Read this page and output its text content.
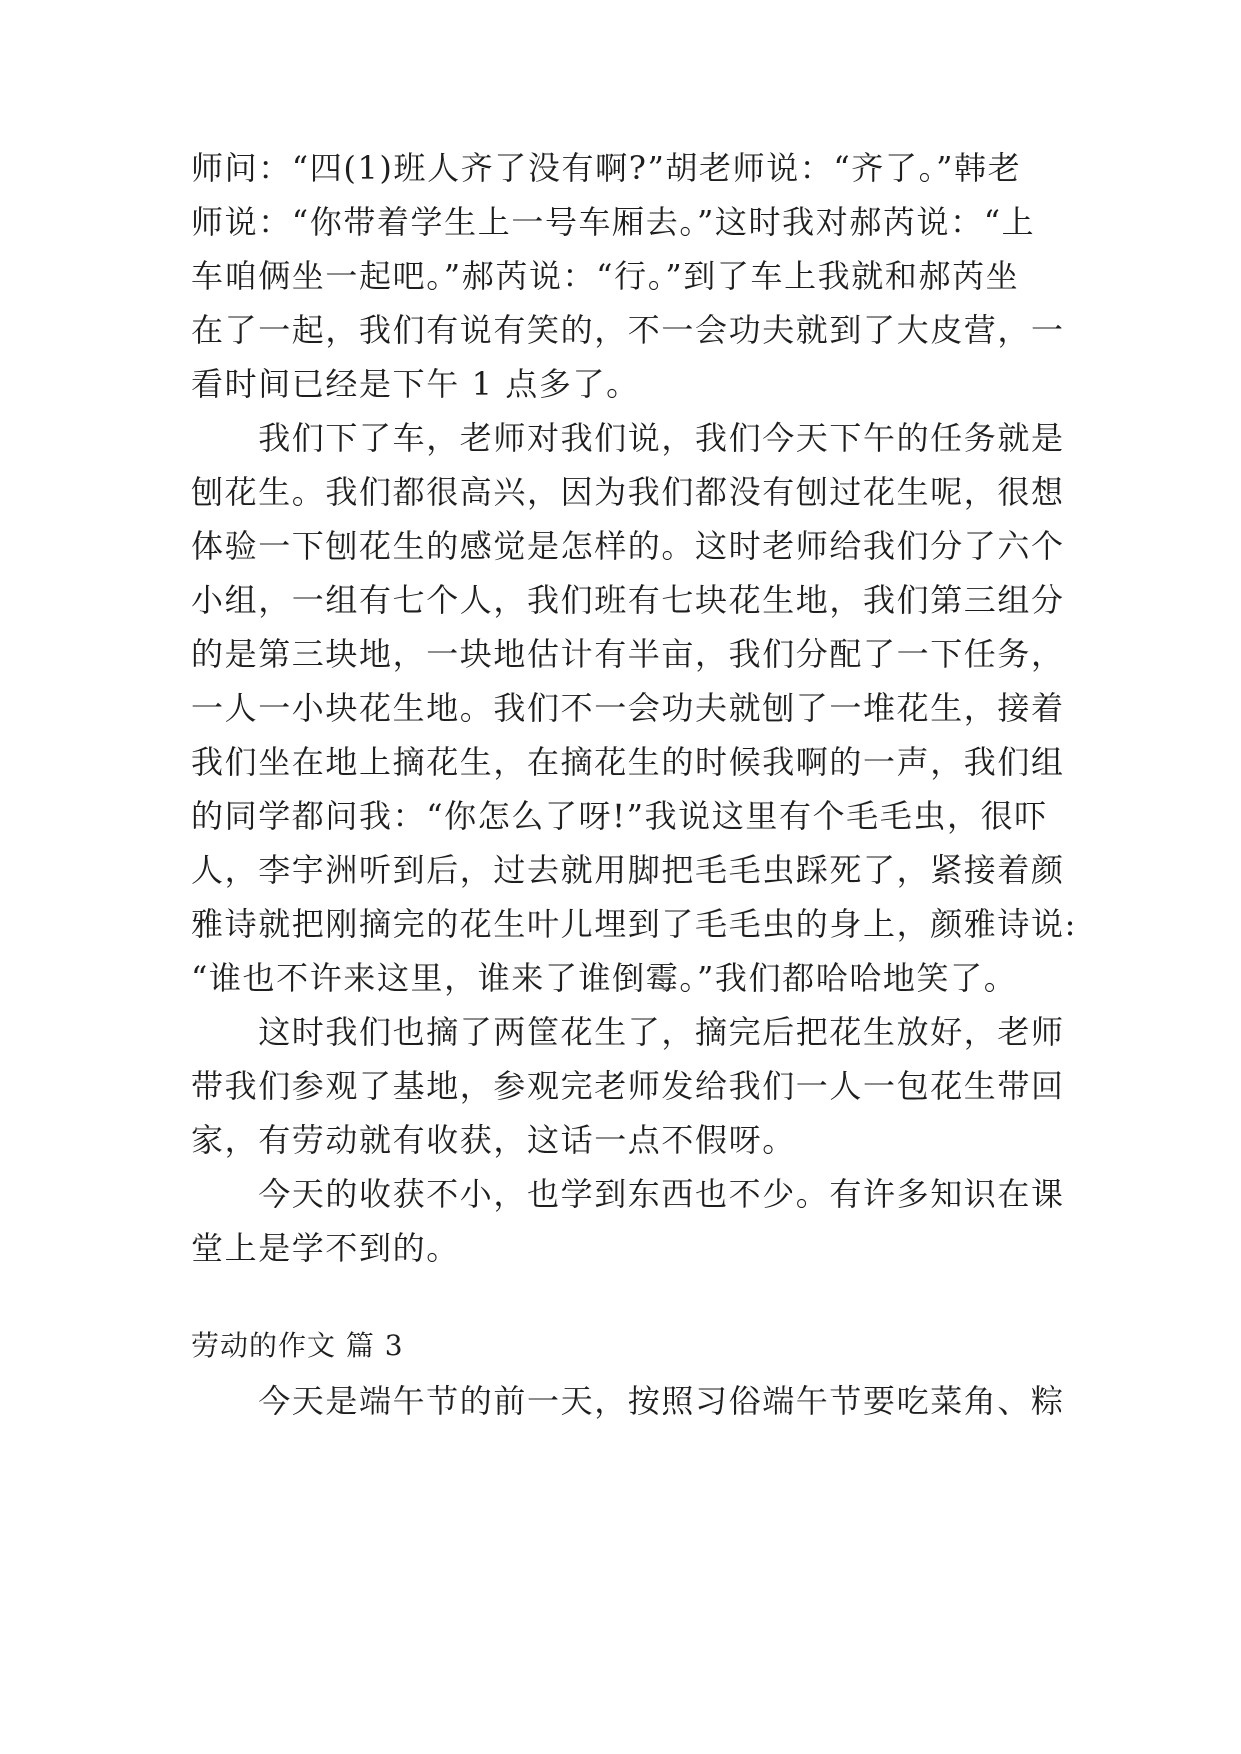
师问：“四(1)班人齐了没有啊?”胡老师说：“齐了。”韩老
师说：“你带着学生上一号车厢去。”这时我对郝芮说：“上
车咱俩坐一起吧。”郝芮说：“行。”到了车上我就和郝芮坐
在了一起，我们有说有笑的，不一会功夫就到了大皮营，一
看时间已经是下午 1 点多了。
　　我们下了车，老师对我们说，我们今天下午的任务就是
刨花生。我们都很高兴，因为我们都没有刨过花生呢，很想
体验一下刨花生的感觉是怎样的。这时老师给我们分了六个
小组，一组有七个人，我们班有七块花生地，我们第三组分
的是第三块地，一块地估计有半亩，我们分配了一下任务，
一人一小块花生地。我们不一会功夫就刨了一堆花生，接着
我们坐在地上摘花生，在摘花生的时候我啊的一声，我们组
的同学都问我：“你怎么了呀!”我说这里有个毛毛虫，很吓
人，李宇洲听到后，过去就用脚把毛毛虫踩死了，紧接着颜
雅诗就把刚摘完的花生叶儿埋到了毛毛虫的身上，颜雅诗说:
“谁也不许来这里，谁来了谁倒霉。”我们都哈哈地笑了。
　　这时我们也摘了两筐花生了，摘完后把花生放好，老师
带我们参观了基地，参观完老师发给我们一人一包花生带回
家，有劳动就有收获，这话一点不假呀。
　　今天的收获不小，也学到东西也不少。有许多知识在课
堂上是学不到的。
劳动的作文 篇 3
　　今天是端午节的前一天，按照习俗端午节要吃菜角、粽
